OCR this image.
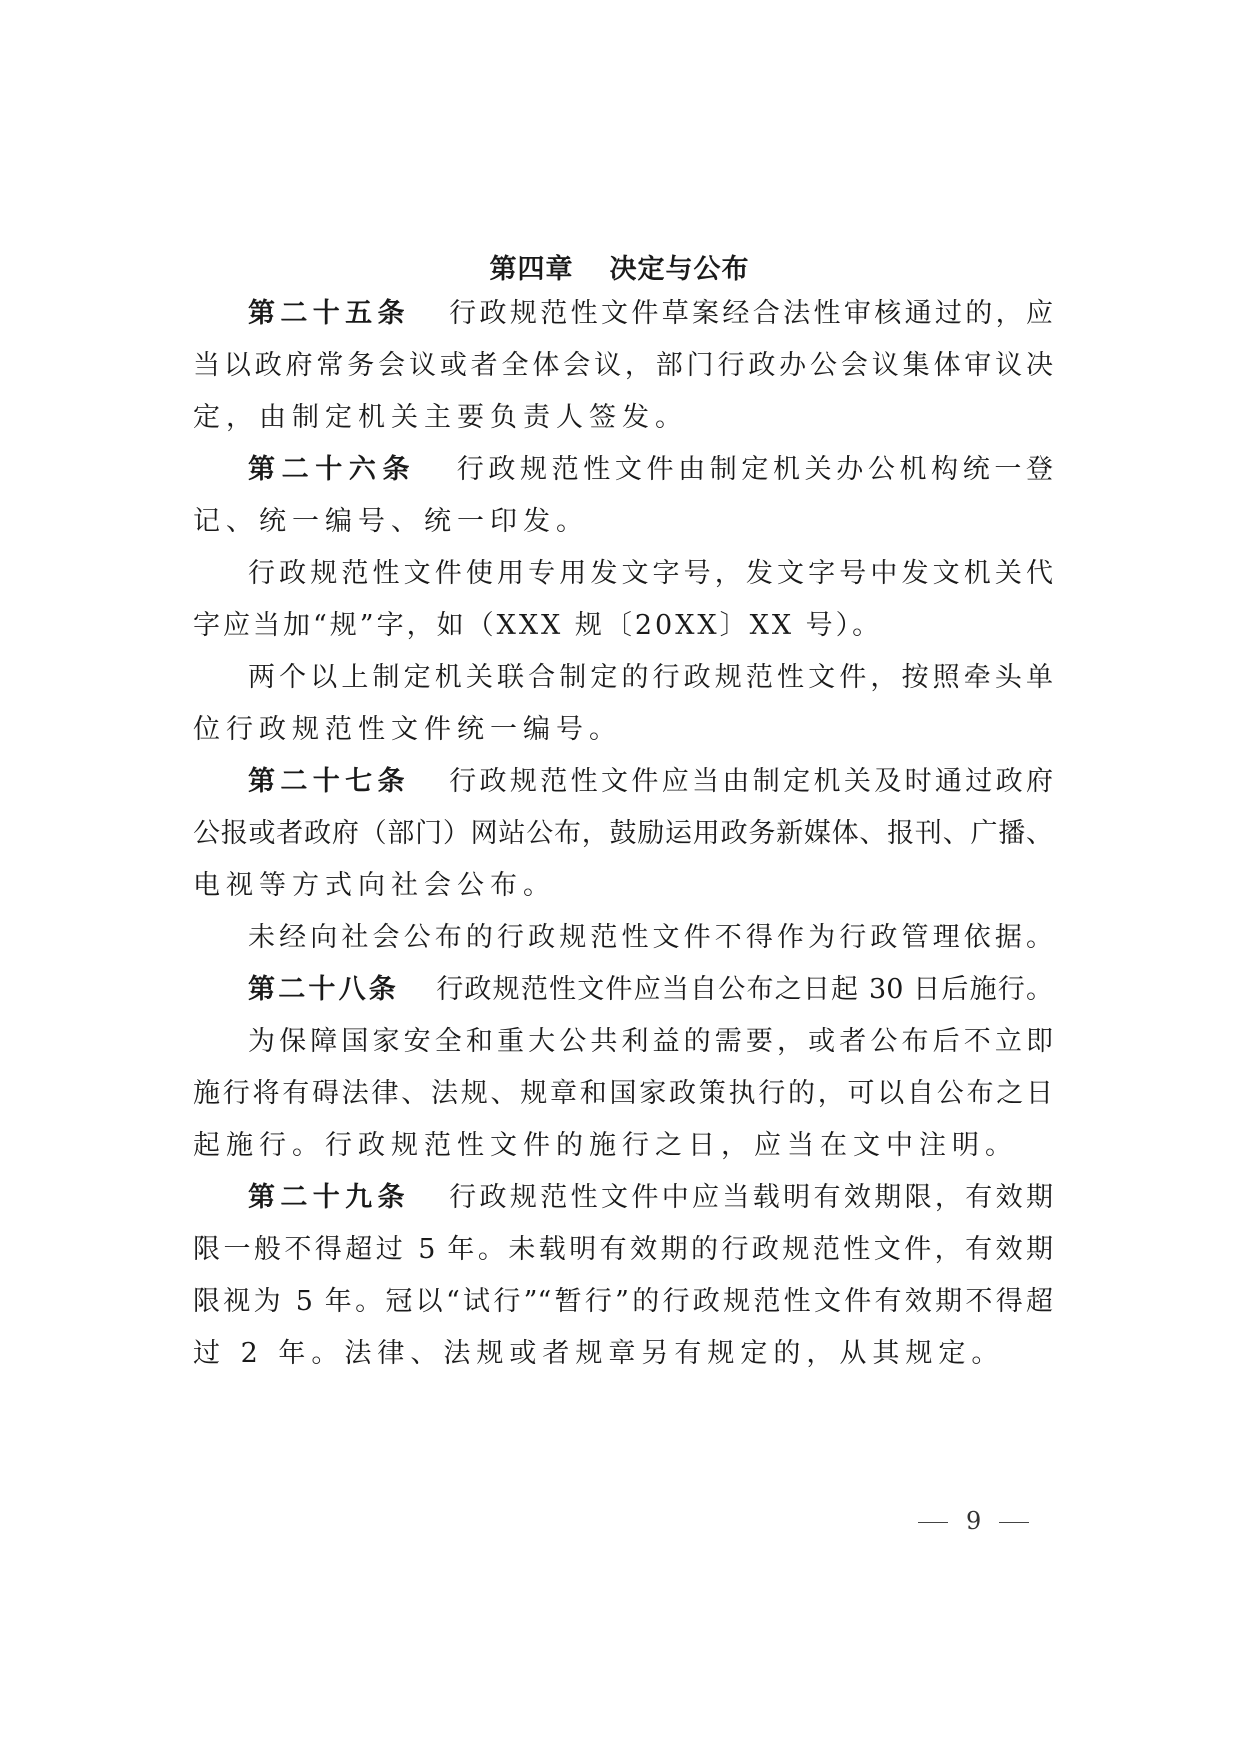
第四章 决定与公布
第二十五条 行政规范性文件草案经合法性审核通过的，应
当以政府常务会议或者全体会议，部门行政办公会议集体审议决
定，由制定机关主要负责人签发。
第二十六条 行政规范性文件由制定机关办公机构统一登
记、统一编号、统一印发。
行政规范性文件使用专用发文字号，发文字号中发文机关代
字应当加“规”字，如（XXX 规〔20XX〕XX 号）。
两个以上制定机关联合制定的行政规范性文件，按照牵头单
位行政规范性文件统一编号。
第二十七条 行政规范性文件应当由制定机关及时通过政府
公报或者政府（部门）网站公布，鼓励运用政务新媒体、报刊、广播、
电视等方式向社会公布。
未经向社会公布的行政规范性文件不得作为行政管理依据。
第二十八条 行政规范性文件应当自公布之日起 30 日后施行。
为保障国家安全和重大公共利益的需要，或者公布后不立即
施行将有碍法律、法规、规章和国家政策执行的，可以自公布之日
起施行。行政规范性文件的施行之日，应当在文中注明。
第二十九条 行政规范性文件中应当载明有效期限，有效期
限一般不得超过 5 年。未载明有效期的行政规范性文件，有效期
限视为 5 年。冠以“试行”“暂行”的行政规范性文件有效期不得超
过 2 年。法律、法规或者规章另有规定的，从其规定。
9
